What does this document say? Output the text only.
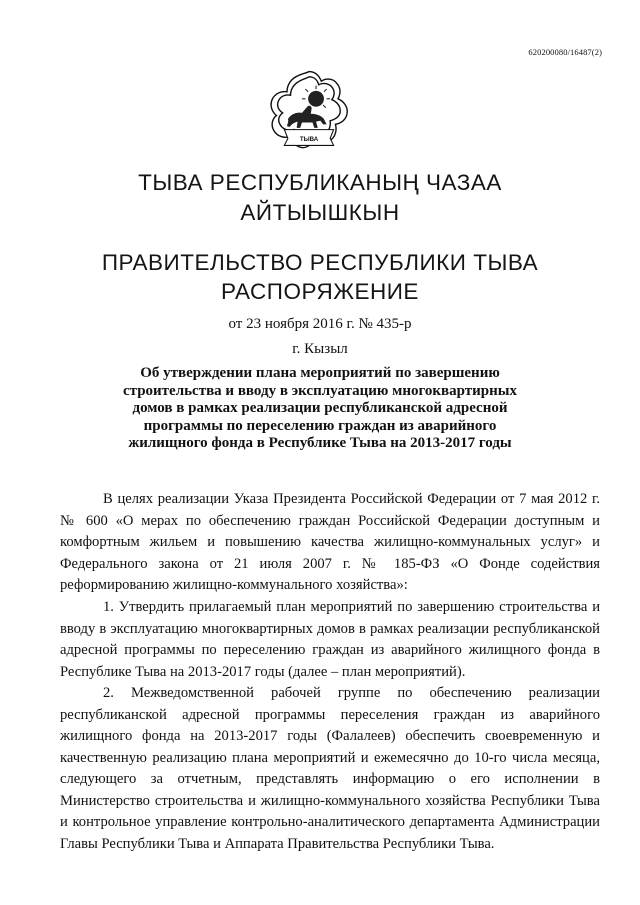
620200080/16487(2)
ТЫВА
ТЫВА РЕСПУБЛИКАНЫҢ ЧАЗАА
АЙТЫЫШКЫН
ПРАВИТЕЛЬСТВО РЕСПУБЛИКИ ТЫВА
РАСПОРЯЖЕНИЕ
от 23 ноября 2016 г. № 435-р
г. Кызыл
Об утверждении плана мероприятий по завершению
строительства и вводу в эксплуатацию многоквартирных
домов в рамках реализации республиканской адресной
программы по переселению граждан из аварийного
жилищного фонда в Республике Тыва на 2013-2017 годы
В целях реализации Указа Президента Российской Федерации от 7 мая 2012 г. № 600 «О мерах по обеспечению граждан Российской Федерации доступным и комфортным жильем и повышению качества жилищно-коммунальных услуг» и Федерального закона от 21 июля 2007 г. № 185-ФЗ «О Фонде содействия реформированию жилищно-коммунального хозяйства»:
1. Утвердить прилагаемый план мероприятий по завершению строительства и вводу в эксплуатацию многоквартирных домов в рамках реализации республиканской адресной программы по переселению граждан из аварийного жилищного фонда в Республике Тыва на 2013-2017 годы (далее – план мероприятий).
2. Межведомственной рабочей группе по обеспечению реализации республиканской адресной программы переселения граждан из аварийного жилищного фонда на 2013-2017 годы (Фалалеев) обеспечить своевременную и качественную реализацию плана мероприятий и ежемесячно до 10-го числа месяца, следующего за отчетным, представлять информацию о его исполнении в Министерство строительства и жилищно-коммунального хозяйства Республики Тыва и контрольное управление контрольно-аналитического департамента Администрации Главы Республики Тыва и Аппарата Правительства Республики Тыва.
